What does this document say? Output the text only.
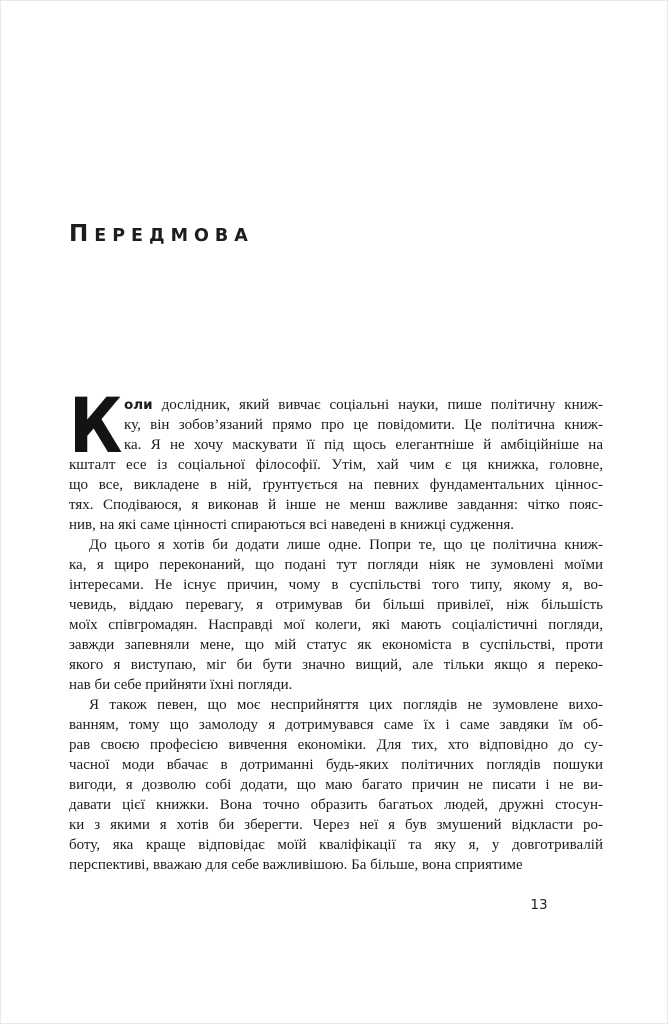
ПЕРЕДМОВА
К оли дослідник, який вивчає соціальні науки, пише політичну книж-
ку, він зобов’язаний прямо про це повідомити. Це політична книж-
ка. Я не хочу маскувати її під щось елегантніше й амбіційніше на
кшталт есе із соціальної філософії. Утім, хай чим є ця книжка, головне,
що все, викладене в ній, ґрунтується на певних фундаментальних ціннос-
тях. Сподіваюся, я виконав й інше не менш важливе завдання: чітко пояс-
нив, на які саме цінності спираються всі наведені в книжці судження.
До цього я хотів би додати лише одне. Попри те, що це політична книж-
ка, я щиро переконаний, що подані тут погляди ніяк не зумовлені моїми
інтересами. Не існує причин, чому в суспільстві того типу, якому я, во-
чевидь, віддаю перевагу, я отримував би більші привілеї, ніж більшість
моїх співгромадян. Насправді мої колеги, які мають соціалістичні погляди,
завжди запевняли мене, що мій статус як економіста в суспільстві, проти
якого я виступаю, міг би бути значно вищий, але тільки якщо я переко-
нав би себе прийняти їхні погляди.
Я також певен, що моє несприйняття цих поглядів не зумовлене вихо-
ванням, тому що замолоду я дотримувався саме їх і саме завдяки їм об-
рав своєю професією вивчення економіки. Для тих, хто відповідно до су-
часної моди вбачає в дотриманні будь-яких політичних поглядів пошуки
вигоди, я дозволю собі додати, що маю багато причин не писати і не ви-
давати цієї книжки. Вона точно образить багатьох людей, дружні стосун-
ки з якими я хотів би зберегти. Через неї я був змушений відкласти ро-
боту, яка краще відповідає моїй кваліфікації та яку я, у довготривалій
перспективі, вважаю для себе важливішою. Ба більше, вона сприятиме
13
